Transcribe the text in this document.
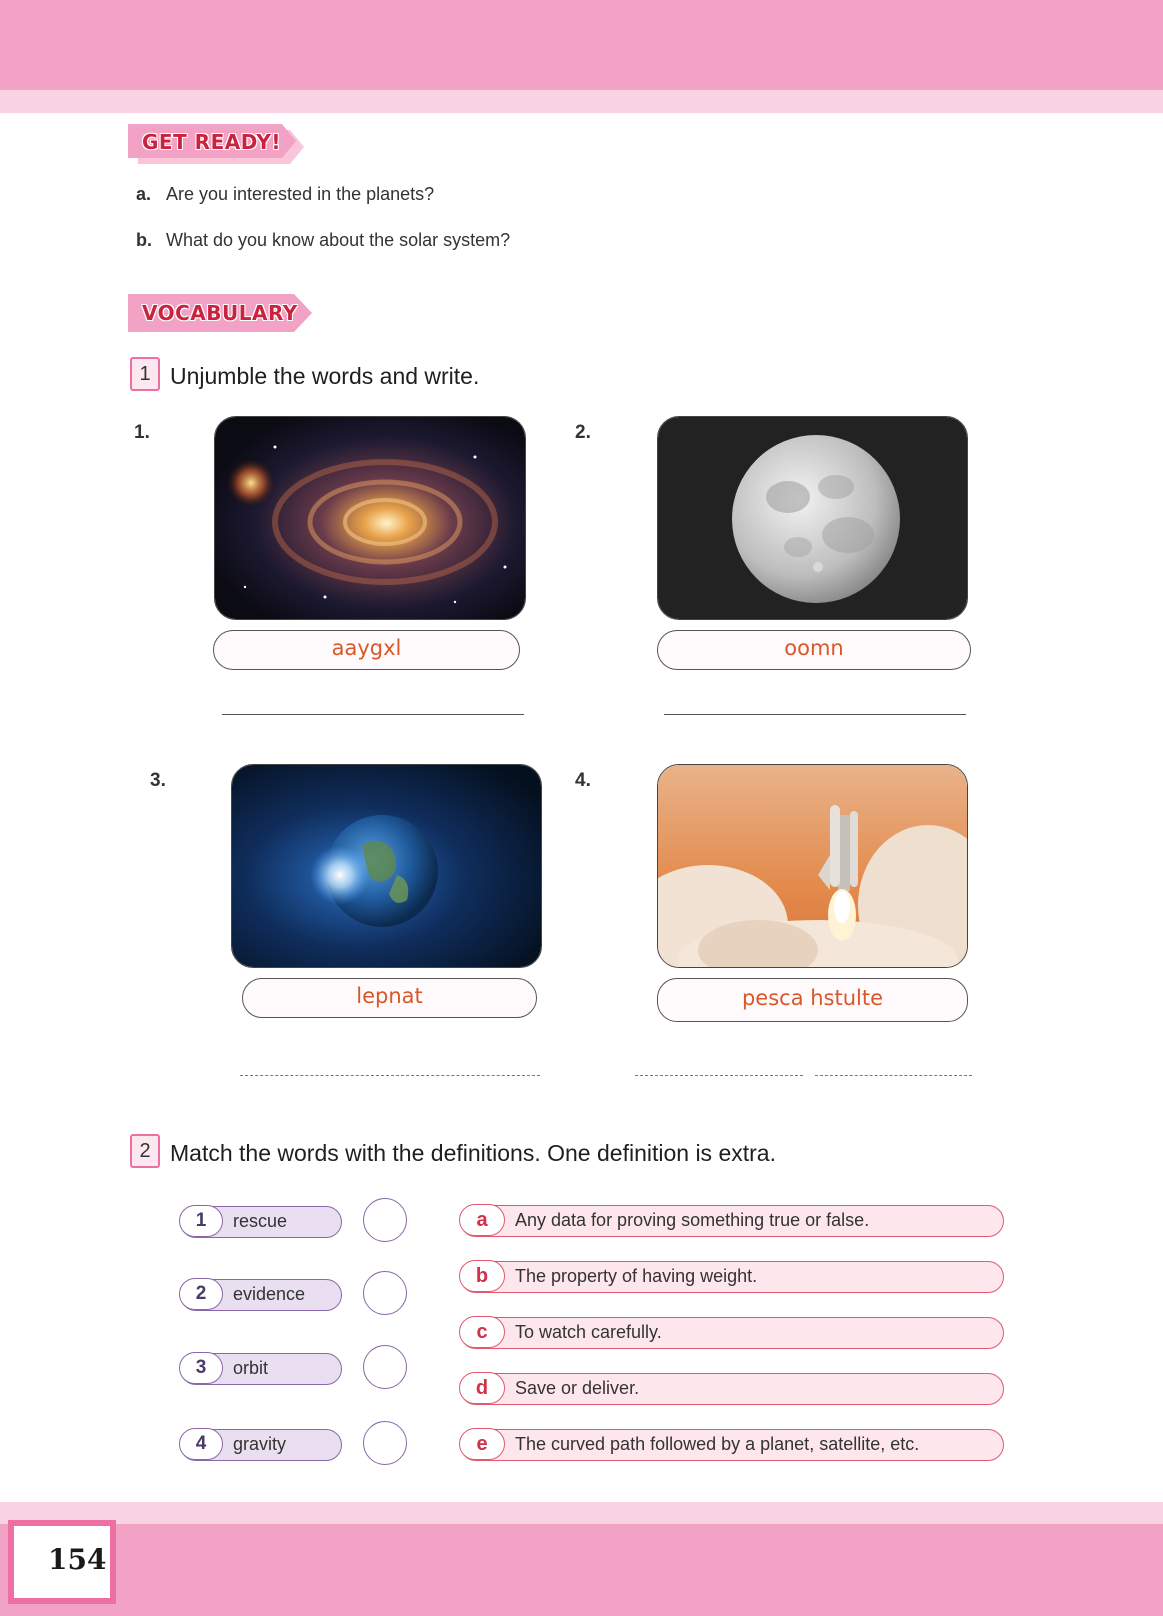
GET READY!
a. Are you interested in the planets?
b. What do you know about the solar system?
VOCABULARY
1 Unjumble the words and write.
1.
aaygxl
2.
oomn
3.
lepnat
4.
pesca hstulte
2 Match the words with the definitions. One definition is extra.
1	rescue
2	evidence
3	orbit
4	gravity
a	Any data for proving something true or false.
b	The property of having weight.
c	To watch carefully.
d	Save or deliver.
e	The curved path followed by a planet, satellite, etc.
154
